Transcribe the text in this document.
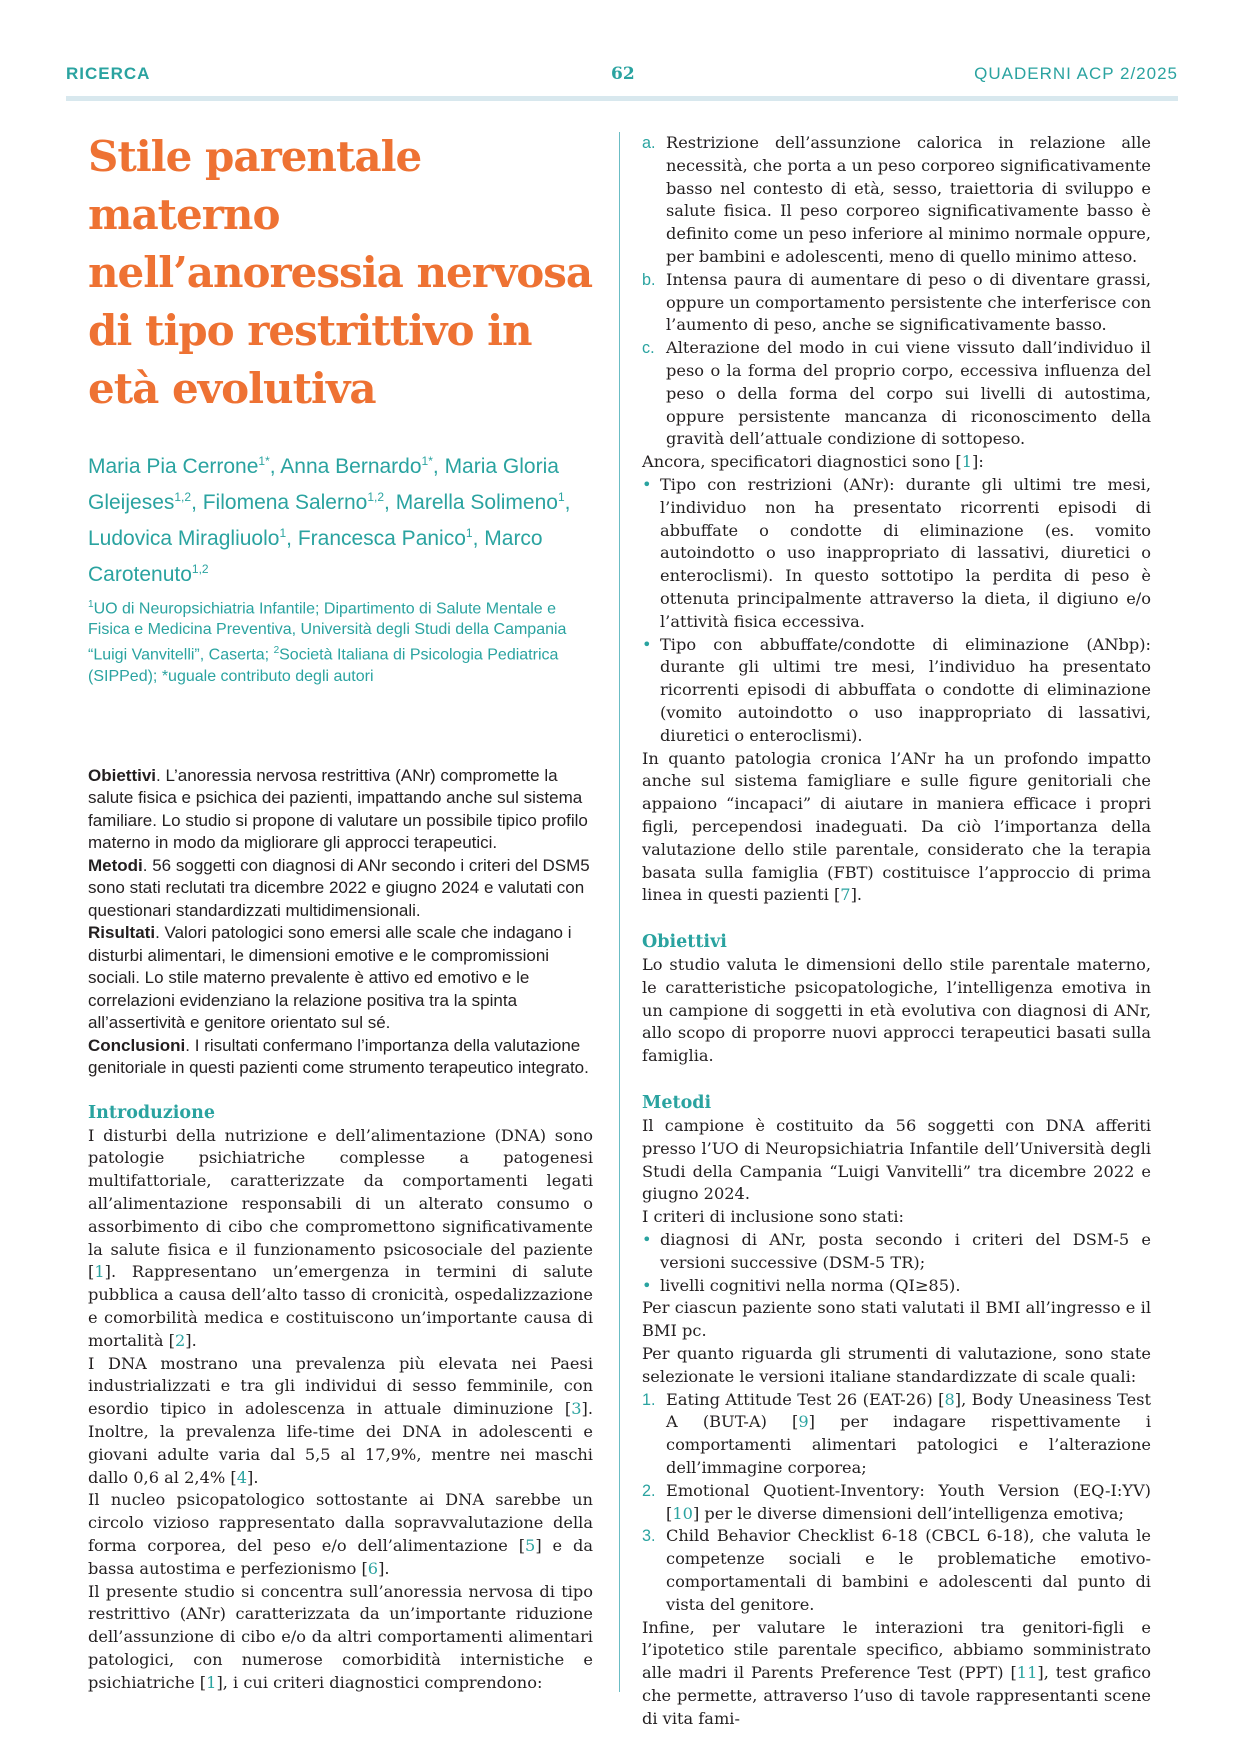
RICERCA	62	QUADERNI ACP 2/2025
Stile parentale
materno
nell’anoressia nervosa
di tipo restrittivo in
età evolutiva
Maria Pia Cerrone$^{1*}$, Anna Bernardo$^{1*}$, Maria Gloria Gleijeses$^{1,2}$, Filomena Salerno$^{1,2}$, Marella Solimeno$^1$, Ludovica Miragliuolo$^1$, Francesca Panico$^1$, Marco Carotenuto$^{1,2}$
$^1$UO di Neuropsichiatria Infantile; Dipartimento di Salute Mentale e Fisica e Medicina Preventiva, Università degli Studi della Campania “Luigi Vanvitelli”, Caserta; $^2$Società Italiana di Psicologia Pediatrica (SIPPed); *uguale contributo degli autori
Obiettivi. L’anoressia nervosa restrittiva (ANr) compromette la salute fisica e psichica dei pazienti, impattando anche sul sistema familiare. Lo studio si propone di valutare un possibile tipico profilo materno in modo da migliorare gli approcci terapeutici.
Metodi. 56 soggetti con diagnosi di ANr secondo i criteri del DSM5 sono stati reclutati tra dicembre 2022 e giugno 2024 e valutati con questionari standardizzati multidimensionali.
Risultati. Valori patologici sono emersi alle scale che indagano i disturbi alimentari, le dimensioni emotive e le compromissioni sociali. Lo stile materno prevalente è attivo ed emotivo e le correlazioni evidenziano la relazione positiva tra la spinta all’assertività e genitore orientato sul sé.
Conclusioni. I risultati confermano l’importanza della valutazione genitoriale in questi pazienti come strumento terapeutico integrato.
Introduzione

I disturbi della nutrizione e dell’alimentazione (DNA) sono patologie psichiatriche complesse a patogenesi multifattoriale, caratterizzate da comportamenti legati all’alimentazione responsabili di un alterato consumo o assorbimento di cibo che compromettono significativamente la salute fisica e il funzionamento psicosociale del paziente [1]. Rappresentano un’emergenza in termini di salute pubblica a causa dell’alto tasso di cronicità, ospedalizzazione e comorbilità medica e costituiscono un’importante causa di mortalità [2].

I DNA mostrano una prevalenza più elevata nei Paesi industrializzati e tra gli individui di sesso femminile, con esordio tipico in adolescenza in attuale diminuzione [3]. Inoltre, la prevalenza life-time dei DNA in adolescenti e giovani adulte varia dal 5,5 al 17,9%, mentre nei maschi dallo 0,6 al 2,4% [4].

Il nucleo psicopatologico sottostante ai DNA sarebbe un circolo vizioso rappresentato dalla sopravvalutazione della forma corporea, del peso e/o dell’alimentazione [5] e da bassa autostima e perfezionismo [6].

Il presente studio si concentra sull’anoressia nervosa di tipo restrittivo (ANr) caratterizzata da un’importante riduzione dell’assunzione di cibo e/o da altri comportamenti alimentari patologici, con numerose comorbidità internistiche e psichiatriche [1], i cui criteri diagnostici comprendono:

a. Restrizione dell’assunzione calorica in relazione alle necessità, che porta a un peso corporeo significativamente basso nel contesto di età, sesso, traiettoria di sviluppo e salute fisica. Il peso corporeo significativamente basso è definito come un peso inferiore al minimo normale oppure, per bambini e adolescenti, meno di quello minimo atteso.
b. Intensa paura di aumentare di peso o di diventare grassi, oppure un comportamento persistente che interferisce con l’aumento di peso, anche se significativamente basso.
c. Alterazione del modo in cui viene vissuto dall’individuo il peso o la forma del proprio corpo, eccessiva influenza del peso o della forma del corpo sui livelli di autostima, oppure persistente mancanza di riconoscimento della gravità dell’attuale condizione di sottopeso.

Ancora, specificatori diagnostici sono [1]:

• Tipo con restrizioni (ANr): durante gli ultimi tre mesi, l’individuo non ha presentato ricorrenti episodi di abbuffate o condotte di eliminazione (es. vomito autoindotto o uso inappropriato di lassativi, diuretici o enteroclismi). In questo sottotipo la perdita di peso è ottenuta principalmente attraverso la dieta, il digiuno e/o l’attività fisica eccessiva.
• Tipo con abbuffate/condotte di eliminazione (ANbp): durante gli ultimi tre mesi, l’individuo ha presentato ricorrenti episodi di abbuffata o condotte di eliminazione (vomito autoindotto o uso inappropriato di lassativi, diuretici o enteroclismi).

In quanto patologia cronica l’ANr ha un profondo impatto anche sul sistema famigliare e sulle figure genitoriali che appaiono “incapaci” di aiutare in maniera efficace i propri figli, percependosi inadeguati. Da ciò l’importanza della valutazione dello stile parentale, considerato che la terapia basata sulla famiglia (FBT) costituisce l’approccio di prima linea in questi pazienti [7].

Obiettivi

Lo studio valuta le dimensioni dello stile parentale materno, le caratteristiche psicopatologiche, l’intelligenza emotiva in un campione di soggetti in età evolutiva con diagnosi di ANr, allo scopo di proporre nuovi approcci terapeutici basati sulla famiglia.

Metodi

Il campione è costituito da 56 soggetti con DNA afferiti presso l’UO di Neuropsichiatria Infantile dell’Università degli Studi della Campania “Luigi Vanvitelli” tra dicembre 2022 e giugno 2024.

I criteri di inclusione sono stati:

• diagnosi di ANr, posta secondo i criteri del DSM-5 e versioni successive (DSM-5 TR);
• livelli cognitivi nella norma (QI≥85).

Per ciascun paziente sono stati valutati il BMI all’ingresso e il BMI pc.

Per quanto riguarda gli strumenti di valutazione, sono state selezionate le versioni italiane standardizzate di scale quali:

1. Eating Attitude Test 26 (EAT-26) [8], Body Uneasiness Test A (BUT-A) [9] per indagare rispettivamente i comportamenti alimentari patologici e l’alterazione dell’immagine corporea;
2. Emotional Quotient-Inventory: Youth Version (EQ-I:YV) [10] per le diverse dimensioni dell’intelligenza emotiva;
3. Child Behavior Checklist 6-18 (CBCL 6-18), che valuta le competenze sociali e le problematiche emotivo-comportamentali di bambini e adolescenti dal punto di vista del genitore.

Infine, per valutare le interazioni tra genitori-figli e l’ipotetico stile parentale specifico, abbiamo somministrato alle madri il Parents Preference Test (PPT) [11], test grafico che permette, attraverso l’uso di tavole rappresentanti scene di vita fami-
